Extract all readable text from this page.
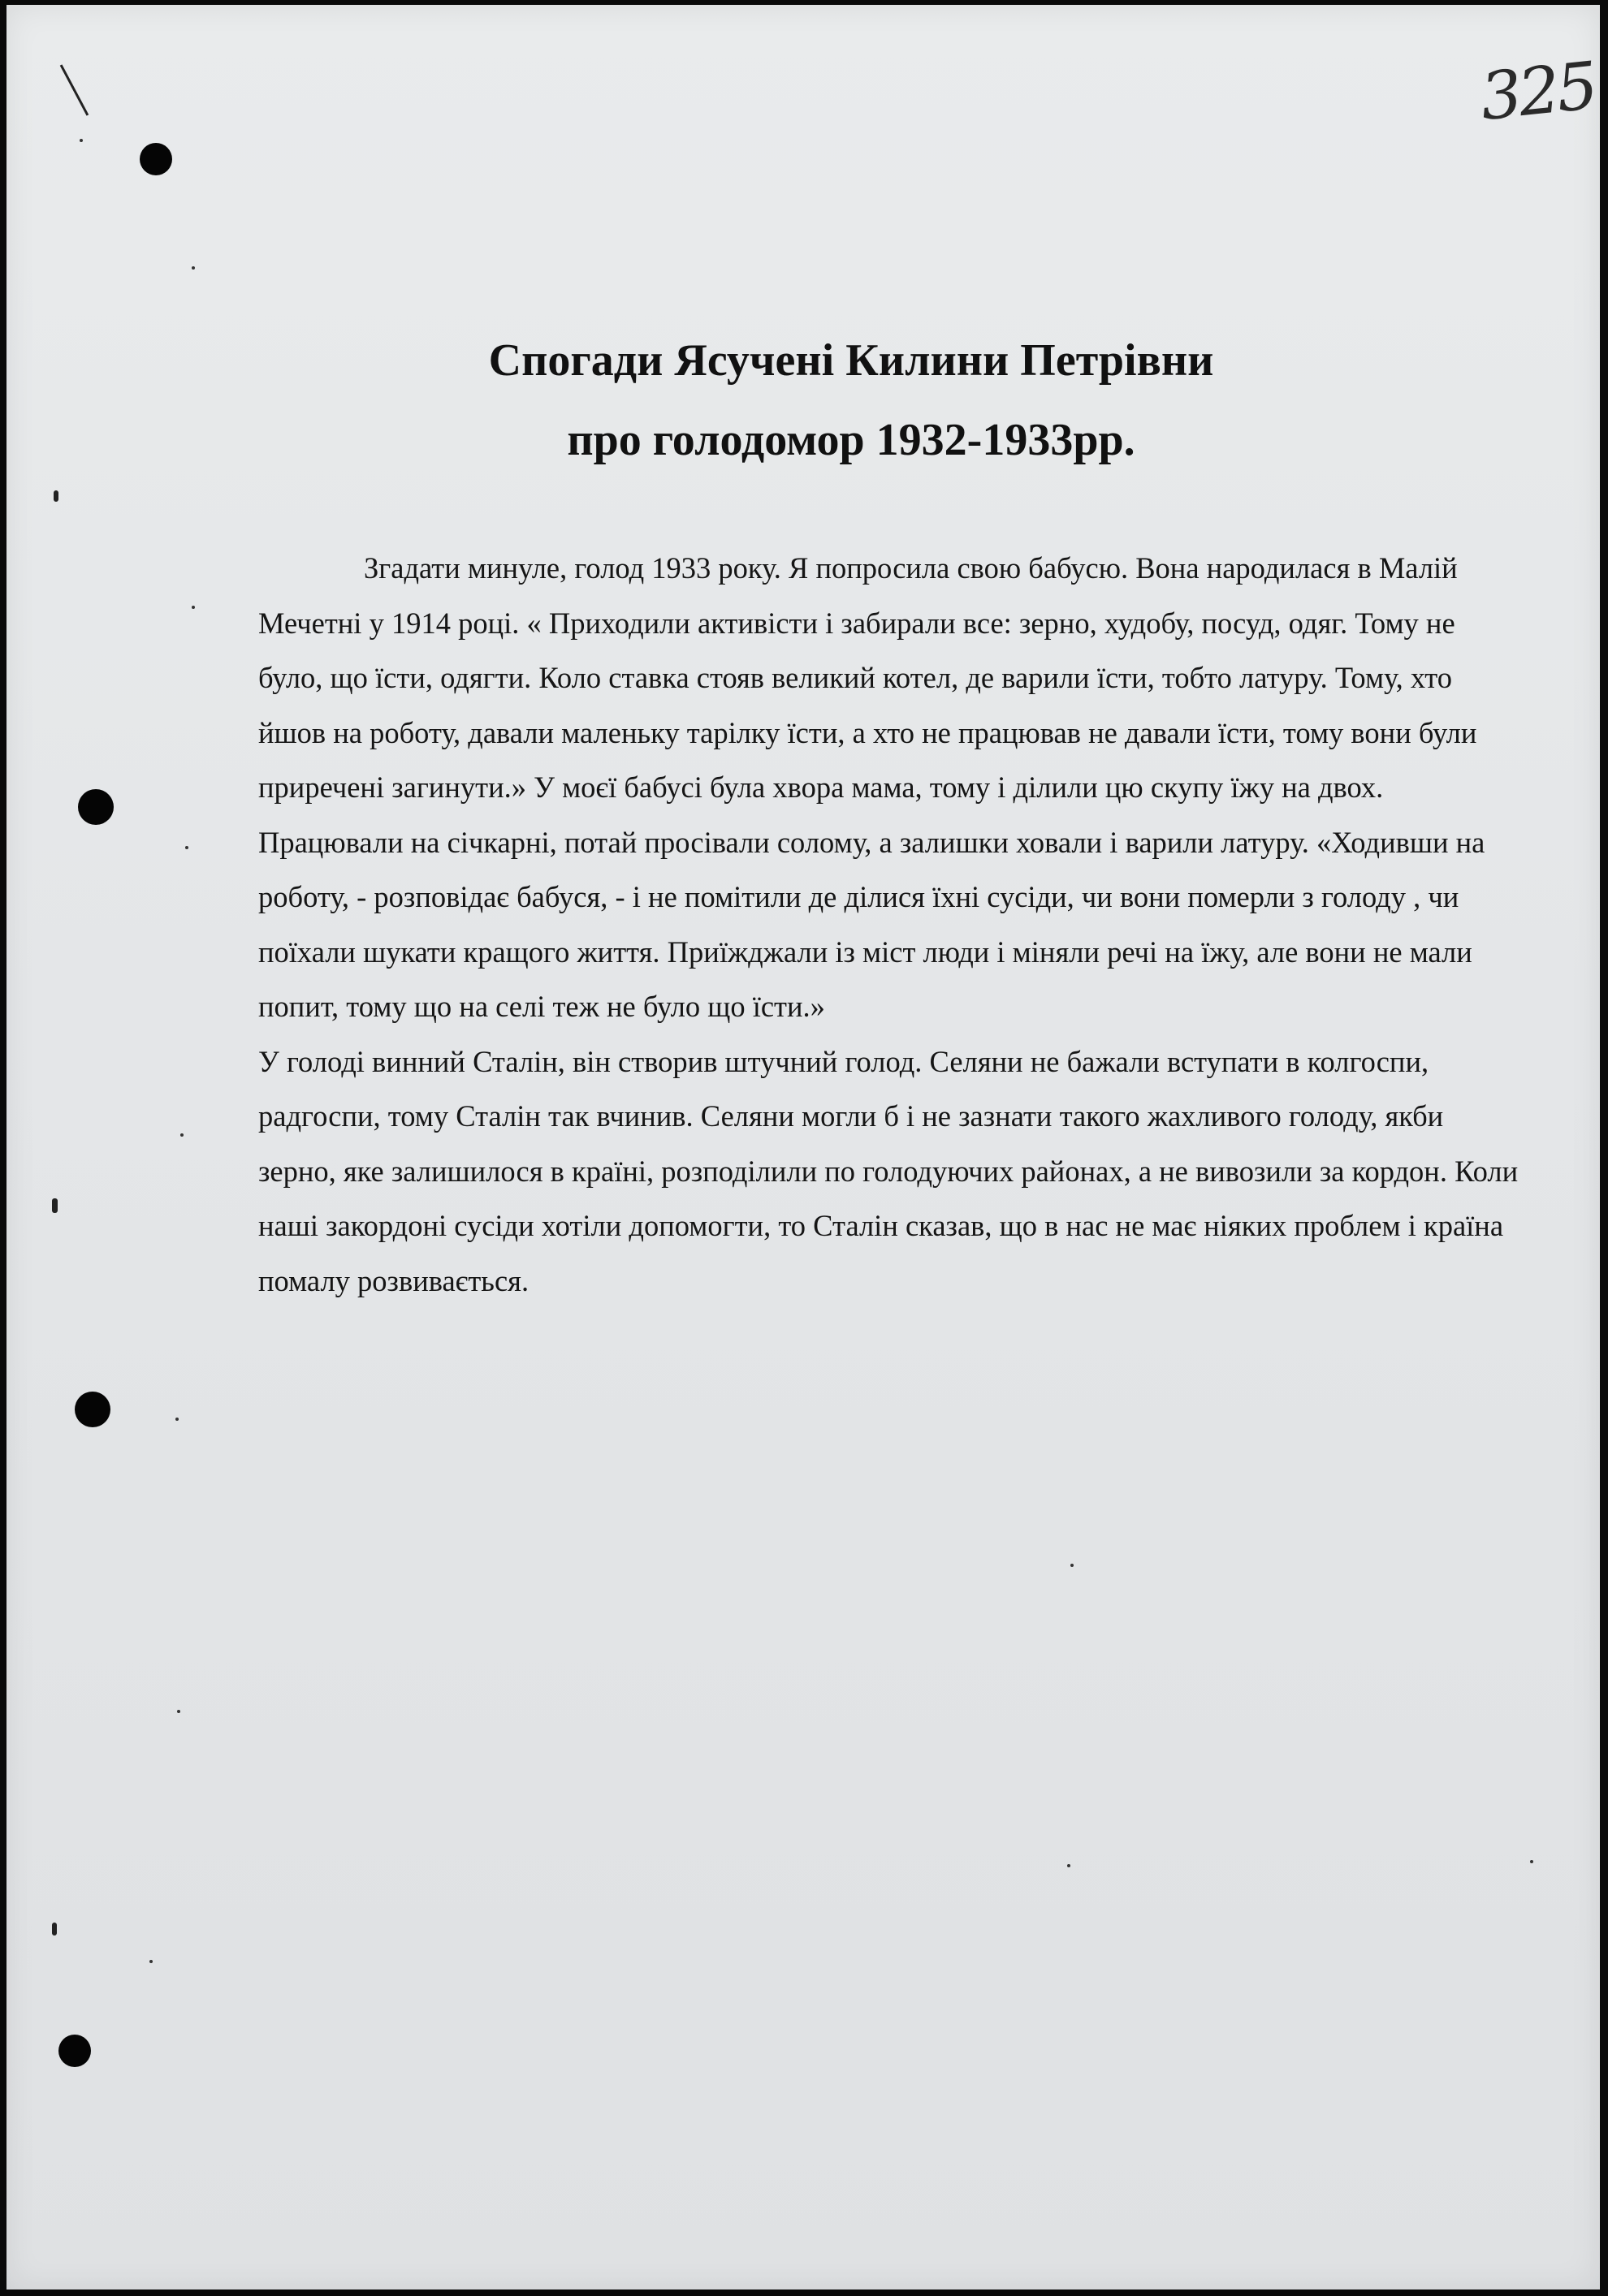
325
Спогади Ясучені Килини Петрівни
про голодомор 1932-1933рр.

Згадати минуле, голод 1933 року. Я попросила свою бабусю. Вона народилася в Малій Мечетні у 1914 році. « Приходили активісти і забирали все: зерно, худобу, посуд, одяг. Тому не було, що їсти, одягти. Коло ставка стояв великий котел, де варили їсти, тобто латуру. Тому, хто йшов на роботу, давали маленьку тарілку їсти, а хто не працював не давали їсти, тому вони були приречені загинути.» У моєї бабусі була хвора мама, тому і ділили цю скупу їжу на двох. Працювали на січкарні, потай просівали солому, а залишки ховали і варили латуру. «Ходивши на роботу, - розповідає бабуся, - і не помітили де ділися їхні сусіди, чи вони померли з голоду , чи поїхали шукати кращого життя. Приїжджали із міст люди і міняли речі на їжу, але вони не мали попит, тому що на селі теж не було що їсти.»

У голоді винний Сталін, він створив штучний голод. Селяни не бажали вступати в колгоспи, радгоспи, тому Сталін так вчинив. Селяни могли б і не зазнати такого жахливого голоду, якби зерно, яке залишилося в країні, розподілили по голодуючих районах, а не вивозили за кордон. Коли наші закордоні сусіди хотіли допомогти, то Сталін сказав, що в нас не має ніяких проблем і країна помалу розвивається.
